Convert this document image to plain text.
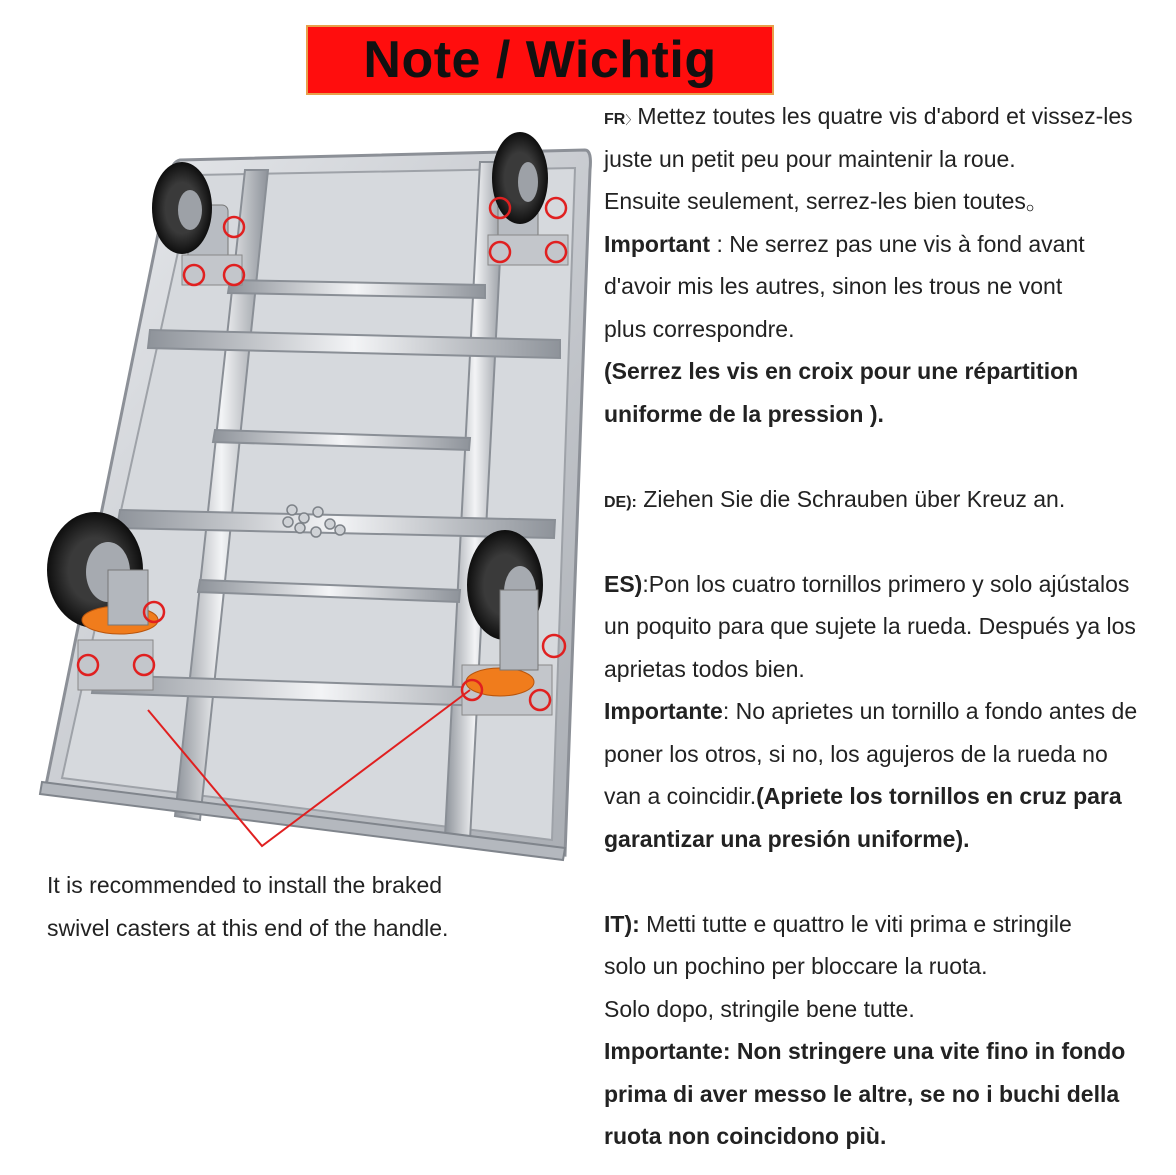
Note / Wichtig
It is recommended to install the braked
swivel casters at this end of the handle.
FR〉Mettez toutes les quatre vis d'abord et vissez-les
juste un petit peu pour maintenir la roue.
Ensuite seulement, serrez-les bien toutes。
Important : Ne serrez pas une vis à fond avant
d'avoir mis les autres, sinon les trous ne vont
plus correspondre.
(Serrez les vis en croix pour une répartition
uniforme de la pression ).
DE): Ziehen Sie die Schrauben über Kreuz an.
ES):Pon los cuatro tornillos primero y solo ajústalos
un poquito para que sujete la rueda. Después ya los
aprietas todos bien.
Importante: No aprietes un tornillo a fondo antes de
poner los otros, si no, los agujeros de la rueda no
van a coincidir.(Apriete los tornillos en cruz para
garantizar una presión uniforme).
IT): Metti tutte e quattro le viti prima e stringile
solo un pochino per bloccare la ruota.
Solo dopo, stringile bene tutte.
Importante: Non stringere una vite fino in fondo
prima di aver messo le altre, se no i buchi della
ruota non coincidono più.
